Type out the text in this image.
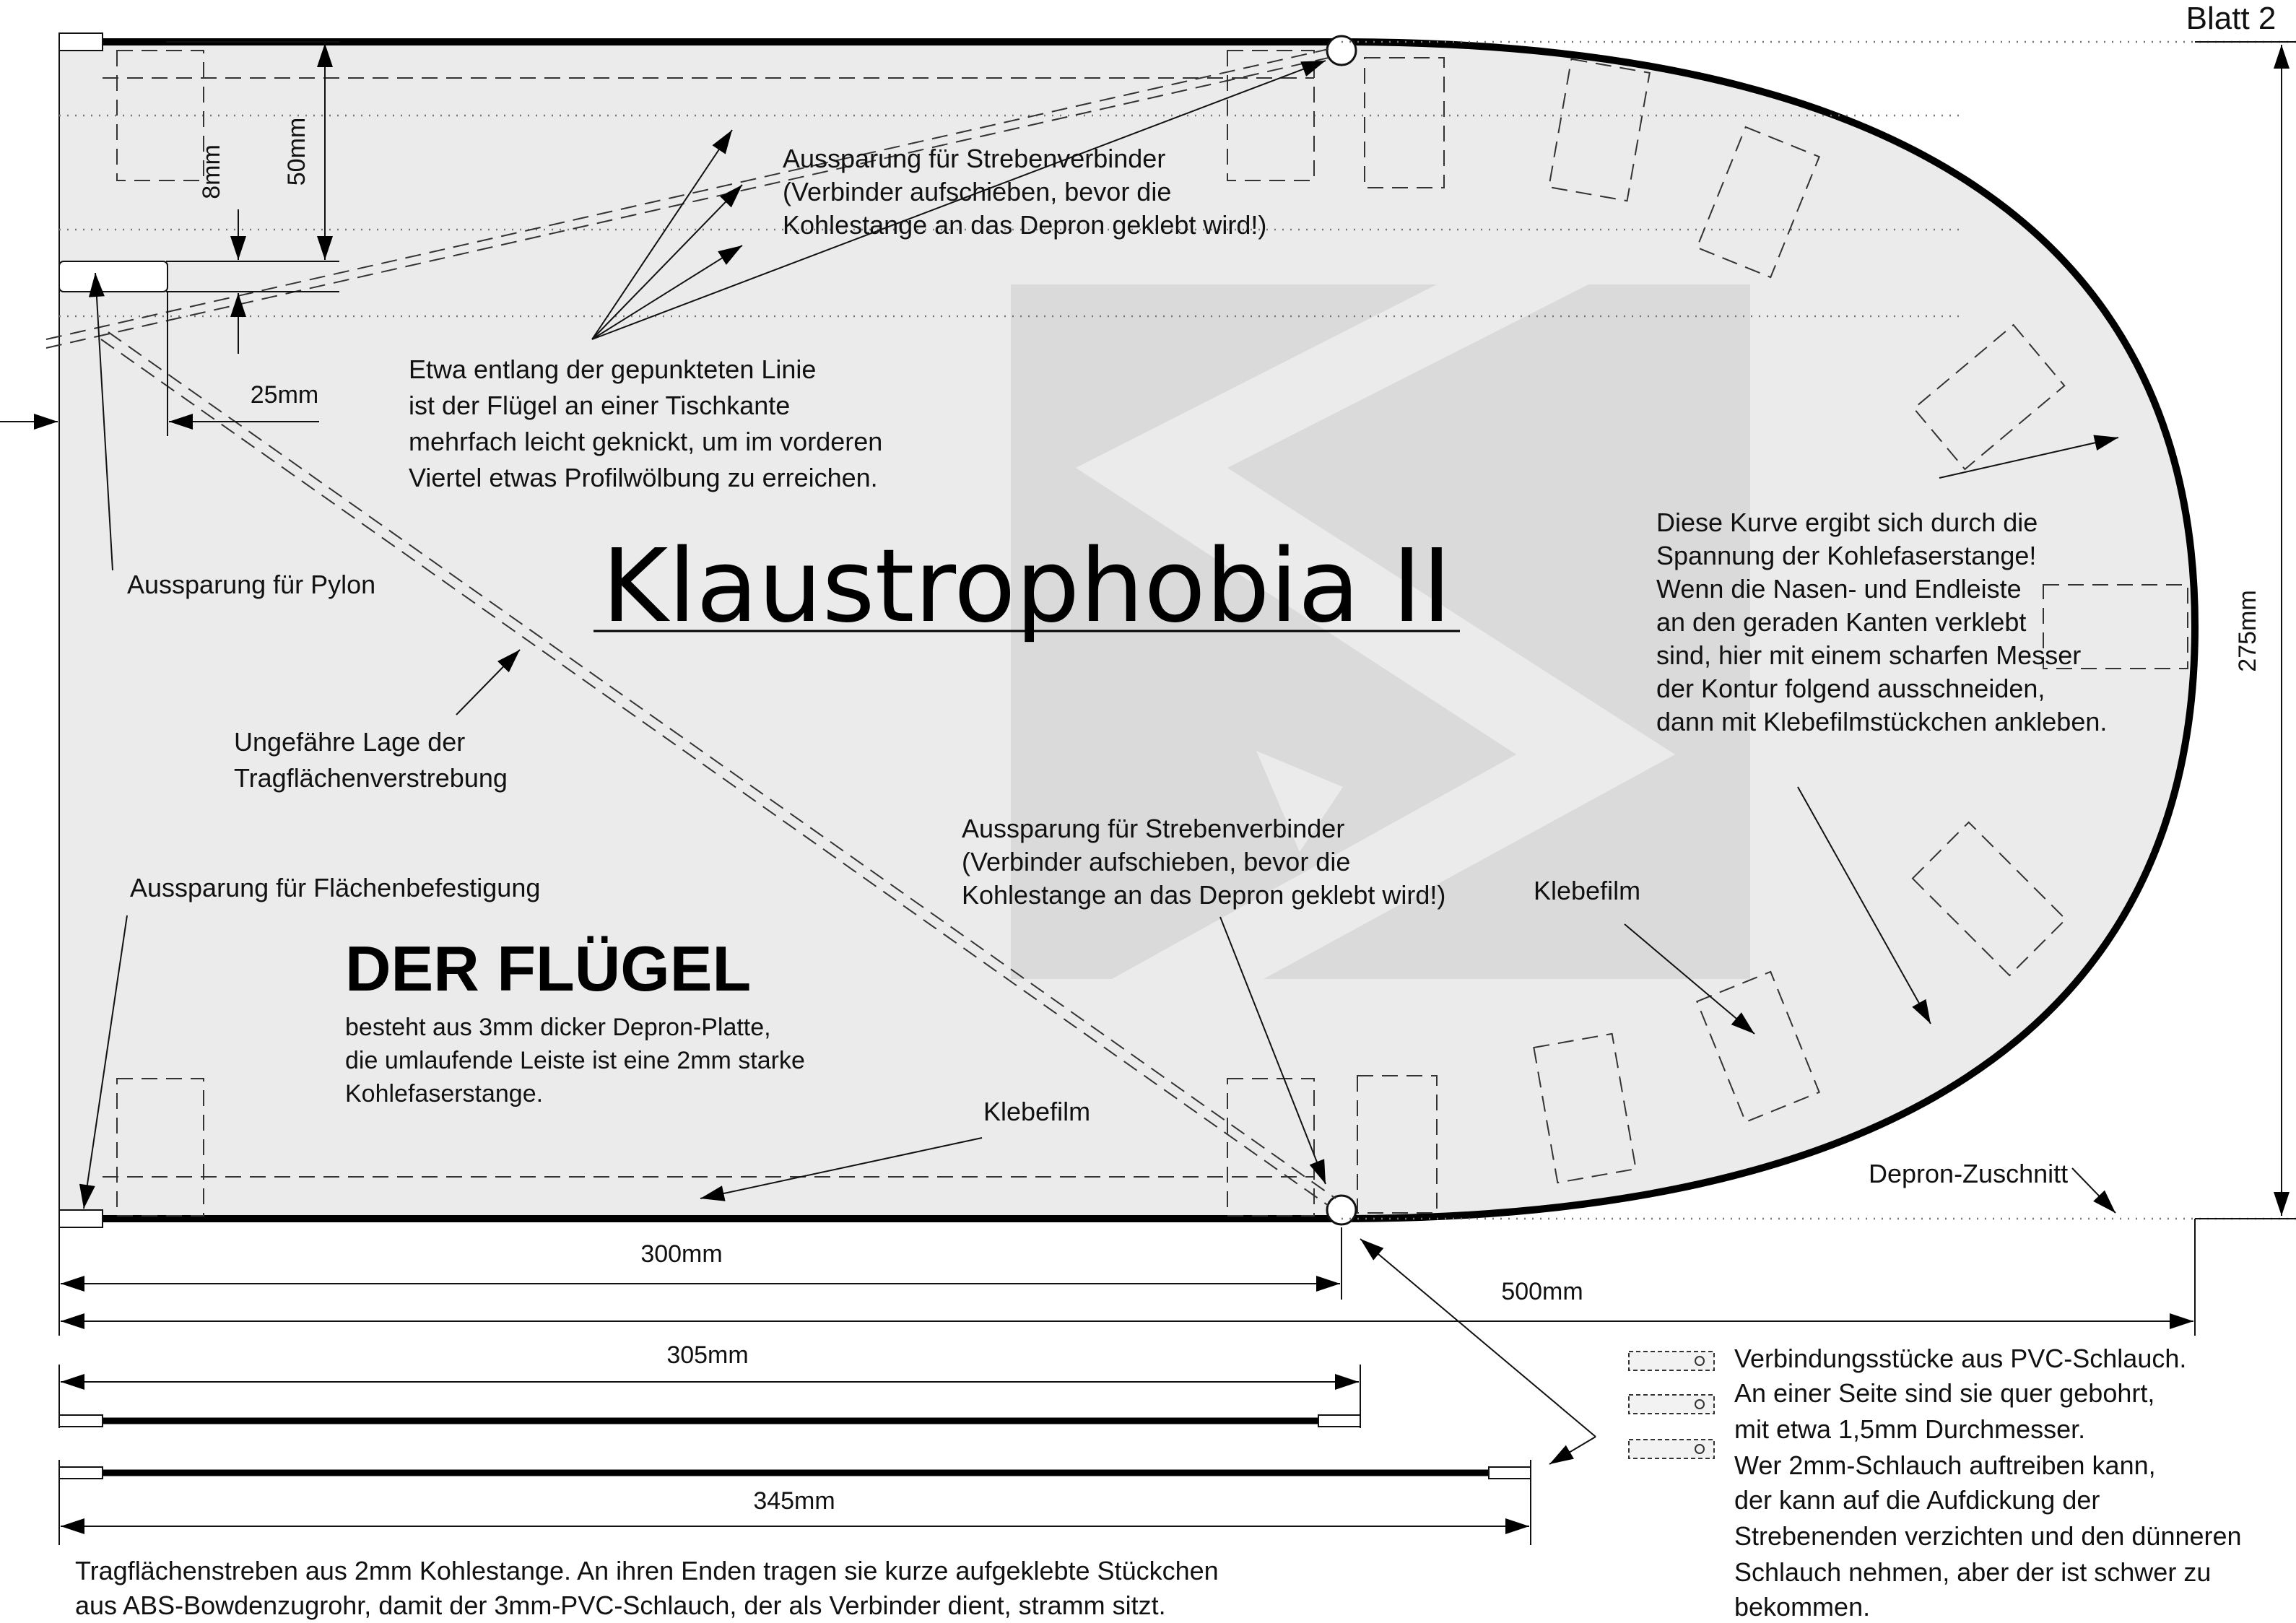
Blatt 2
Klaustrophobia II
DER FLÜGEL
besteht aus 3mm dicker Depron-Platte,
die umlaufende Leiste ist eine 2mm starke
Kohlefaserstange.
Aussparung für Strebenverbinder
(Verbinder aufschieben, bevor die
Kohlestange an das Depron geklebt wird!)
Etwa entlang der gepunkteten Linie
ist der Flügel an einer Tischkante
mehrfach leicht geknickt, um im vorderen
Viertel etwas Profilwölbung zu erreichen.
Aussparung für Pylon
Ungefähre Lage der
Tragflächenverstrebung
Aussparung für Flächenbefestigung
Aussparung für Strebenverbinder
(Verbinder aufschieben, bevor die
Kohlestange an das Depron geklebt wird!)
Diese Kurve ergibt sich durch die
Spannung der Kohlefaserstange!
Wenn die Nasen- und Endleiste
an den geraden Kanten verklebt
sind, hier mit einem scharfen Messer
der Kontur folgend ausschneiden,
dann mit Klebefilmstückchen ankleben.
Klebefilm
Klebefilm
Depron-Zuschnitt
8mm 50mm
25mm
275mm
300mm
500mm
305mm
345mm
Tragflächenstreben aus 2mm Kohlestange. An ihren Enden tragen sie kurze aufgeklebte Stückchen
aus ABS-Bowdenzugrohr, damit der 3mm-PVC-Schlauch, der als Verbinder dient, stramm sitzt.
Verbindungsstücke aus PVC-Schlauch.
An einer Seite sind sie quer gebohrt,
mit etwa 1,5mm Durchmesser.
Wer 2mm-Schlauch auftreiben kann,
der kann auf die Aufdickung der
Strebenenden verzichten und den dünneren
Schlauch nehmen, aber der ist schwer zu
bekommen.
